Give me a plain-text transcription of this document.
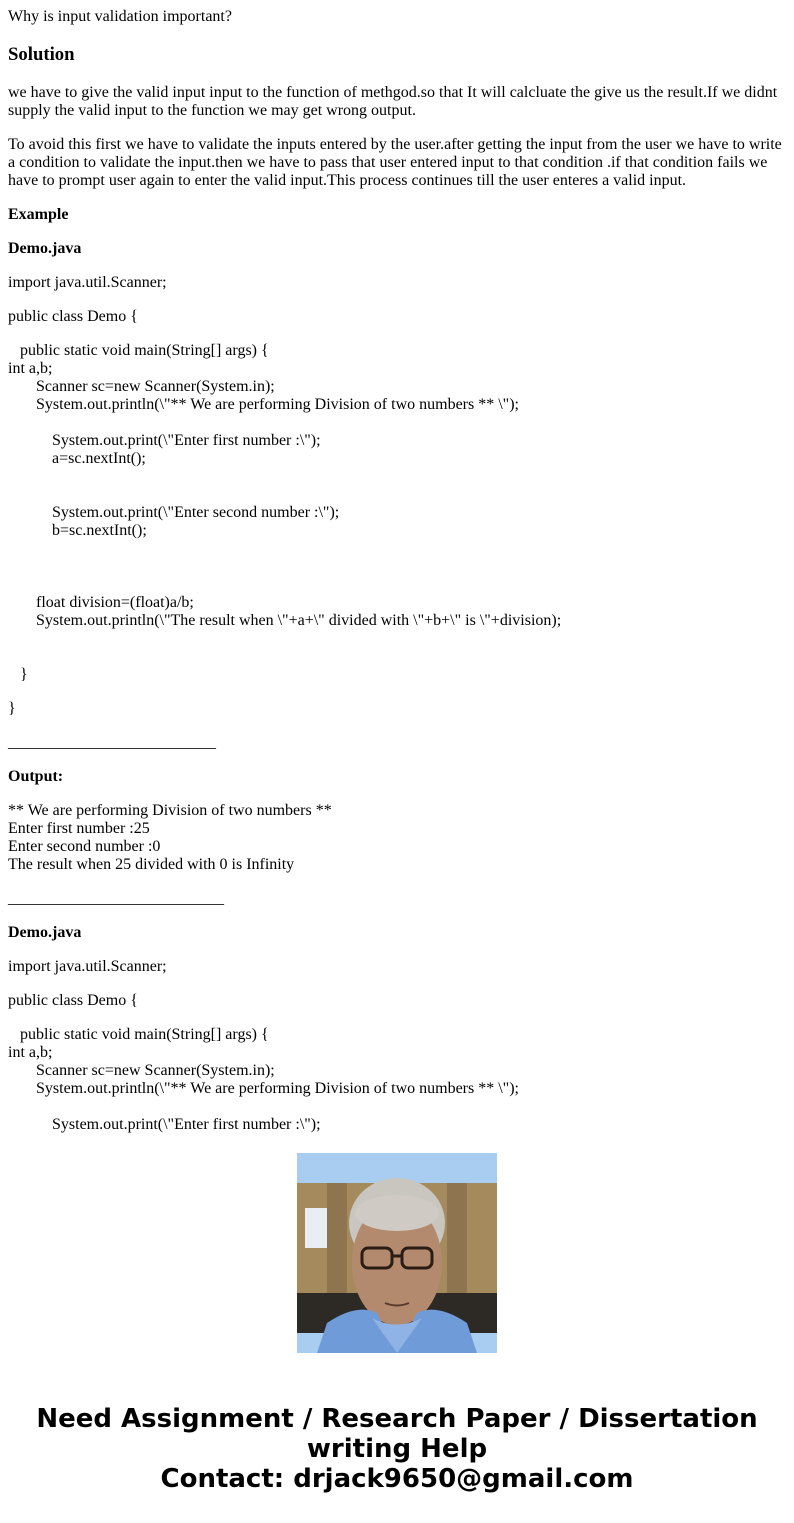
Why is input validation important?
Solution

we have to give the valid input input to the function of methgod.so that It will calcluate the give us the result.If we didnt supply the valid input to the function we may get wrong output.

To avoid this first we have to validate the inputs entered by the user.after getting the input from the user we have to write a condition to validate the input.then we have to pass that user entered input to that condition .if that condition fails we have to prompt user again to enter the valid input.This process continues till the user enteres a valid input.

Example

Demo.java

import java.util.Scanner;

public class Demo {

public static void main(String[] args) {
int a,b;
Scanner sc=new Scanner(System.in);
System.out.println(\"** We are performing Division of two numbers ** \");
System.out.print(\"Enter first number :\");
a=sc.nextInt();
System.out.print(\"Enter second number :\");
b=sc.nextInt();
float division=(float)a/b;
System.out.println(\"The result when \"+a+\" divided with \"+b+\" is \"+division);
}

}

__________________________

Output:

** We are performing Division of two numbers **
Enter first number :25
Enter second number :0
The result when 25 divided with 0 is Infinity

___________________________

Demo.java

import java.util.Scanner;

public class Demo {

public static void main(String[] args) {
int a,b;
Scanner sc=new Scanner(System.in);
System.out.println(\"** We are performing Division of two numbers ** \");
System.out.print(\"Enter first number :\");

Need Assignment / Research Paper / Dissertation
writing Help
Contact: drjack9650@gmail.com
